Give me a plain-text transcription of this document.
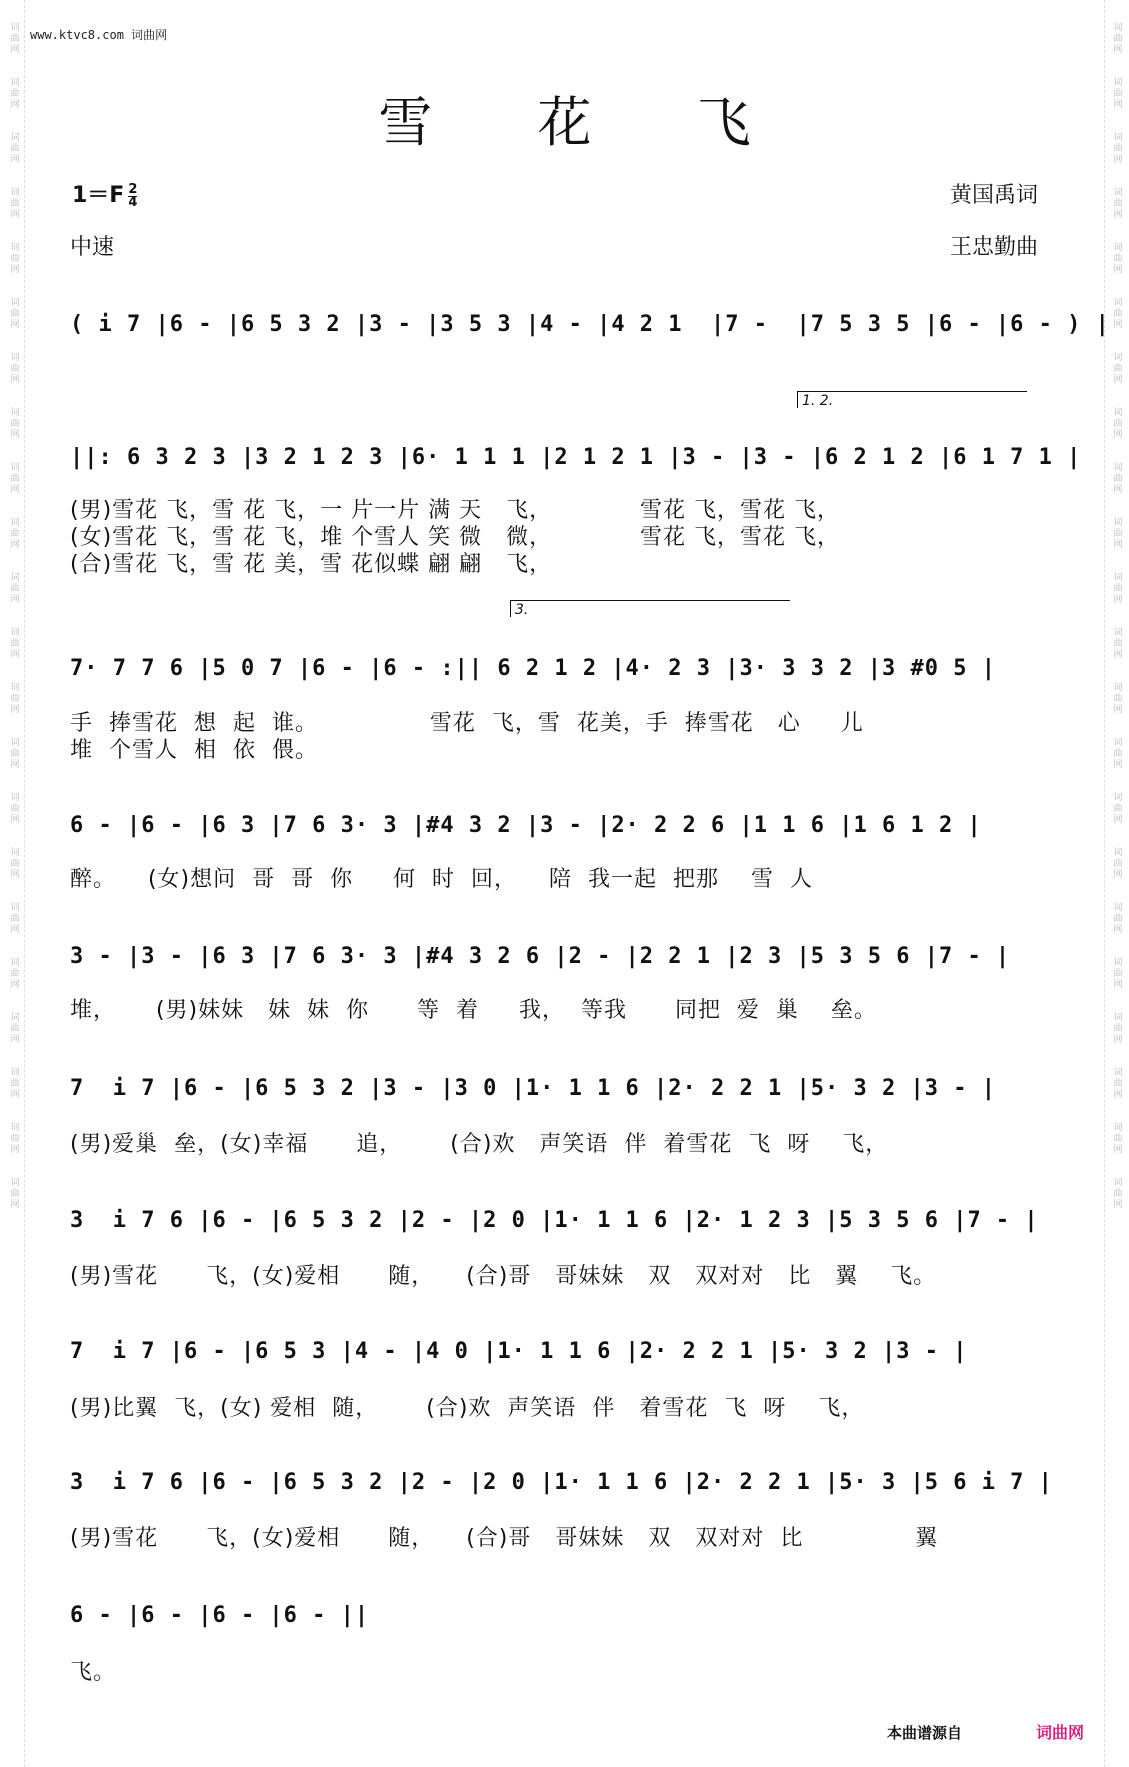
词曲网
词曲网
词曲网
词曲网
词曲网
词曲网
词曲网
词曲网
词曲网
词曲网
词曲网
词曲网
词曲网
词曲网
词曲网
词曲网
词曲网
词曲网
词曲网
词曲网
词曲网
词曲网
词曲网
词曲网
词曲网
词曲网
词曲网
词曲网
词曲网
词曲网
词曲网
词曲网
词曲网
词曲网
词曲网
词曲网
词曲网
词曲网
词曲网
词曲网
词曲网
词曲网
词曲网
词曲网
www.ktvc8.com 词曲网
雪 花 飞
$1=F \frac{2}{4}$
中速
黄国禹词
王忠勤曲
1. 2.
3.
( i 7 |6 - |6 5 3 2 |3 - |3 5 3 |4 - |4 2 1  |7 -  |7 5 3 5 |6 - |6 - ) |
||: 6 3 2 3 |3 2 1 2 3 |6· 1 1 1 |2 1 2 1 |3 - |3 - |6 2 1 2 |6 1 7 1 |
(男)雪花 飞，雪 花 飞，一 片一片 满 天   飞，           雪花 飞，雪花 飞，
(女)雪花 飞，雪 花 飞，堆 个雪人 笑 微   微，           雪花 飞，雪花 飞，
(合)雪花 飞，雪 花 美，雪 花似蝶 翩 翩   飞，
7· 7 7 6 |5 0 7 |6 - |6 - :|| 6 2 1 2 |4· 2 3 |3· 3 3 2 |3 #0 5 |
手  捧雪花  想  起  谁。              雪花  飞，雪  花美，手  捧雪花   心     儿
堆  个雪人  相  依  偎。
6 - |6 - |6 3 |7 6 3· 3 |#4 3 2 |3 - |2· 2 2 6 |1 1 6 |1 6 1 2 |
醉。    (女)想问  哥  哥  你     何  时  回，    陪  我一起  把那    雪  人
3 - |3 - |6 3 |7 6 3· 3 |#4 3 2 6 |2 - |2 2 1 |2 3 |5 3 5 6 |7 - |
堆，     (男)妹妹   妹  妹  你      等  着     我，  等我      同把  爱  巢    垒。
7  i 7 |6 - |6 5 3 2 |3 - |3 0 |1· 1 1 6 |2· 2 2 1 |5· 3 2 |3 - |
(男)爱巢  垒，(女)幸福      追，      (合)欢   声笑语  伴  着雪花  飞  呀    飞，
3  i 7 6 |6 - |6 5 3 2 |2 - |2 0 |1· 1 1 6 |2· 1 2 3 |5 3 5 6 |7 - |
(男)雪花      飞，(女)爱相      随，    (合)哥   哥妹妹   双   双对对   比   翼    飞。
7  i 7 |6 - |6 5 3 |4 - |4 0 |1· 1 1 6 |2· 2 2 1 |5· 3 2 |3 - |
(男)比翼  飞，(女) 爱相  随，      (合)欢  声笑语  伴   着雪花  飞  呀    飞，
3  i 7 6 |6 - |6 5 3 2 |2 - |2 0 |1· 1 1 6 |2· 2 2 1 |5· 3 |5 6 i 7 |
(男)雪花      飞，(女)爱相      随，    (合)哥   哥妹妹   双   双对对  比              翼
6 - |6 - |6 - |6 - ||
飞。
本曲谱源自	词曲网
